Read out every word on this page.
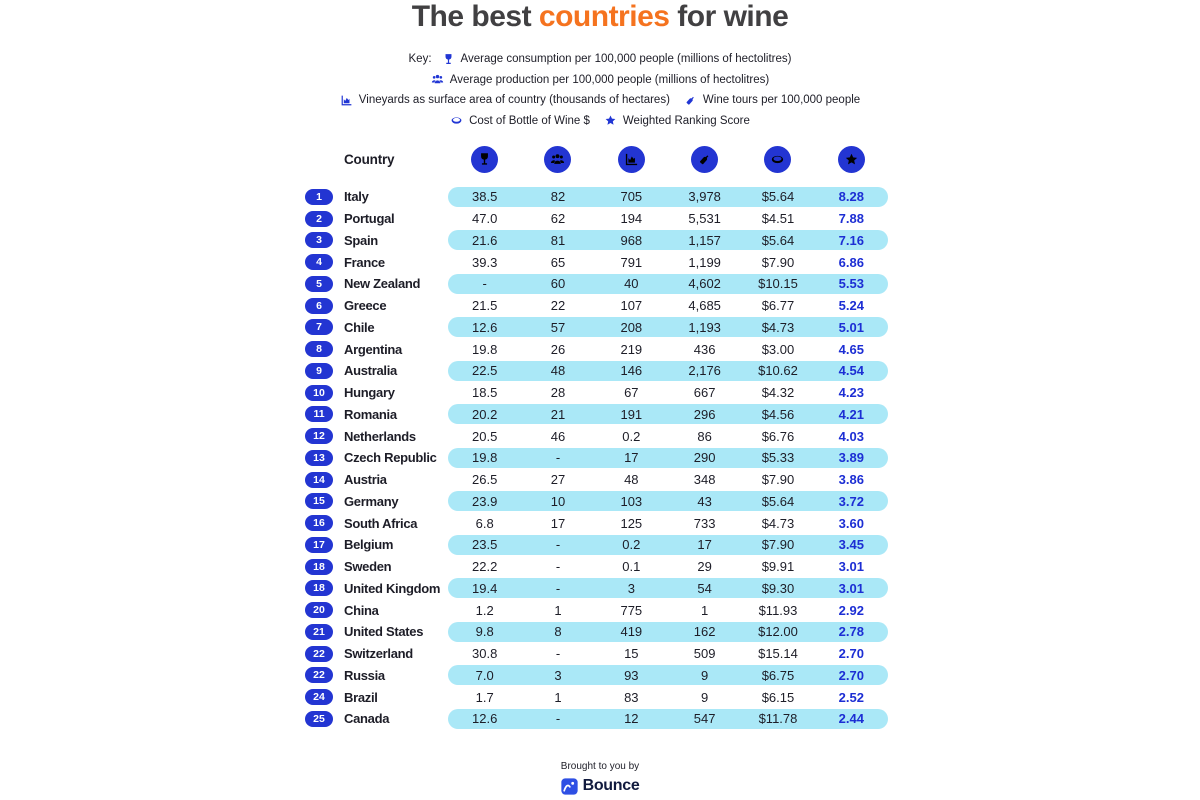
The best countries for wine
Key:	Average consumption per 100,000 people (millions of hectolitres)
Average production per 100,000 people (millions of hectolitres)
Vineyards as surface area of country (thousands of hectares)	Wine tours per 100,000 people
Cost of Bottle of Wine $	Weighted Ranking Score
Country
1	Italy	38.5	82	705	3,978	$5.64	8.28
2	Portugal	47.0	62	194	5,531	$4.51	7.88
3	Spain	21.6	81	968	1,157	$5.64	7.16
4	France	39.3	65	791	1,199	$7.90	6.86
5	New Zealand	-	60	40	4,602	$10.15	5.53
6	Greece	21.5	22	107	4,685	$6.77	5.24
7	Chile	12.6	57	208	1,193	$4.73	5.01
8	Argentina	19.8	26	219	436	$3.00	4.65
9	Australia	22.5	48	146	2,176	$10.62	4.54
10	Hungary	18.5	28	67	667	$4.32	4.23
11	Romania	20.2	21	191	296	$4.56	4.21
12	Netherlands	20.5	46	0.2	86	$6.76	4.03
13	Czech Republic	19.8	-	17	290	$5.33	3.89
14	Austria	26.5	27	48	348	$7.90	3.86
15	Germany	23.9	10	103	43	$5.64	3.72
16	South Africa	6.8	17	125	733	$4.73	3.60
17	Belgium	23.5	-	0.2	17	$7.90	3.45
18	Sweden	22.2	-	0.1	29	$9.91	3.01
18	United Kingdom	19.4	-	3	54	$9.30	3.01
20	China	1.2	1	775	1	$11.93	2.92
21	United States	9.8	8	419	162	$12.00	2.78
22	Switzerland	30.8	-	15	509	$15.14	2.70
22	Russia	7.0	3	93	9	$6.75	2.70
24	Brazil	1.7	1	83	9	$6.15	2.52
25	Canada	12.6	-	12	547	$11.78	2.44
Brought to you by
Bounce
